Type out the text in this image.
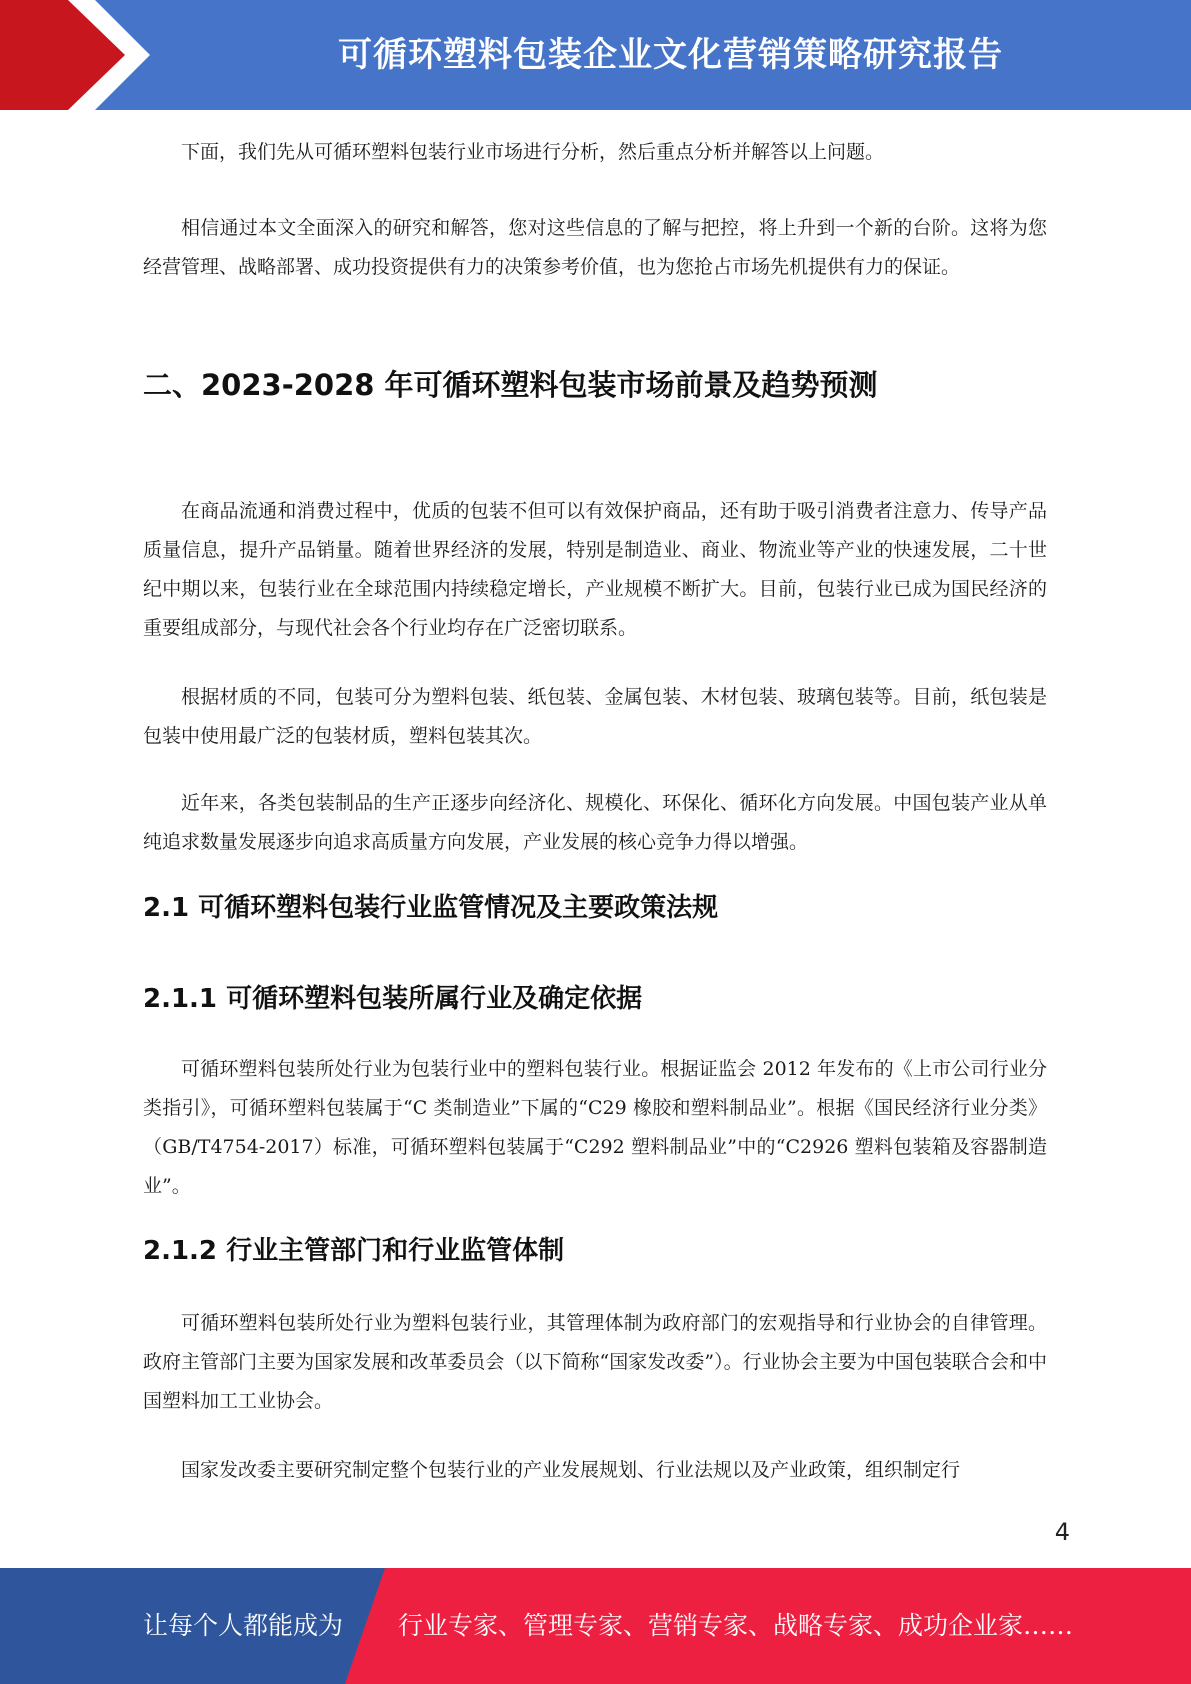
可循环塑料包装企业文化营销策略研究报告

下面，我们先从可循环塑料包装行业市场进行分析，然后重点分析并解答以上问题。

相信通过本文全面深入的研究和解答，您对这些信息的了解与把控，将上升到一个新的台阶。这将为您经营管理、战略部署、成功投资提供有力的决策参考价值，也为您抢占市场先机提供有力的保证。

二、2023-2028 年可循环塑料包装市场前景及趋势预测

在商品流通和消费过程中，优质的包装不但可以有效保护商品，还有助于吸引消费者注意力、传导产品质量信息，提升产品销量。随着世界经济的发展，特别是制造业、商业、物流业等产业的快速发展，二十世纪中期以来，包装行业在全球范围内持续稳定增长，产业规模不断扩大。目前，包装行业已成为国民经济的重要组成部分，与现代社会各个行业均存在广泛密切联系。

根据材质的不同，包装可分为塑料包装、纸包装、金属包装、木材包装、玻璃包装等。目前，纸包装是包装中使用最广泛的包装材质，塑料包装其次。

近年来，各类包装制品的生产正逐步向经济化、规模化、环保化、循环化方向发展。中国包装产业从单纯追求数量发展逐步向追求高质量方向发展，产业发展的核心竞争力得以增强。

2.1 可循环塑料包装行业监管情况及主要政策法规
2.1.1 可循环塑料包装所属行业及确定依据

可循环塑料包装所处行业为包装行业中的塑料包装行业。根据证监会 2012 年发布的《上市公司行业分类指引》，可循环塑料包装属于“C 类制造业”下属的“C29 橡胶和塑料制品业”。根据《国民经济行业分类》（GB/T4754-2017）标准，可循环塑料包装属于“C292 塑料制品业”中的“C2926 塑料包装箱及容器制造业”。

2.1.2 行业主管部门和行业监管体制

可循环塑料包装所处行业为塑料包装行业，其管理体制为政府部门的宏观指导和行业协会的自律管理。政府主管部门主要为国家发展和改革委员会（以下简称“国家发改委”）。行业协会主要为中国包装联合会和中国塑料加工工业协会。

国家发改委主要研究制定整个包装行业的产业发展规划、行业法规以及产业政策，组织制定行

4
让每个人都能成为 行业专家、管理专家、营销专家、战略专家、成功企业家……
